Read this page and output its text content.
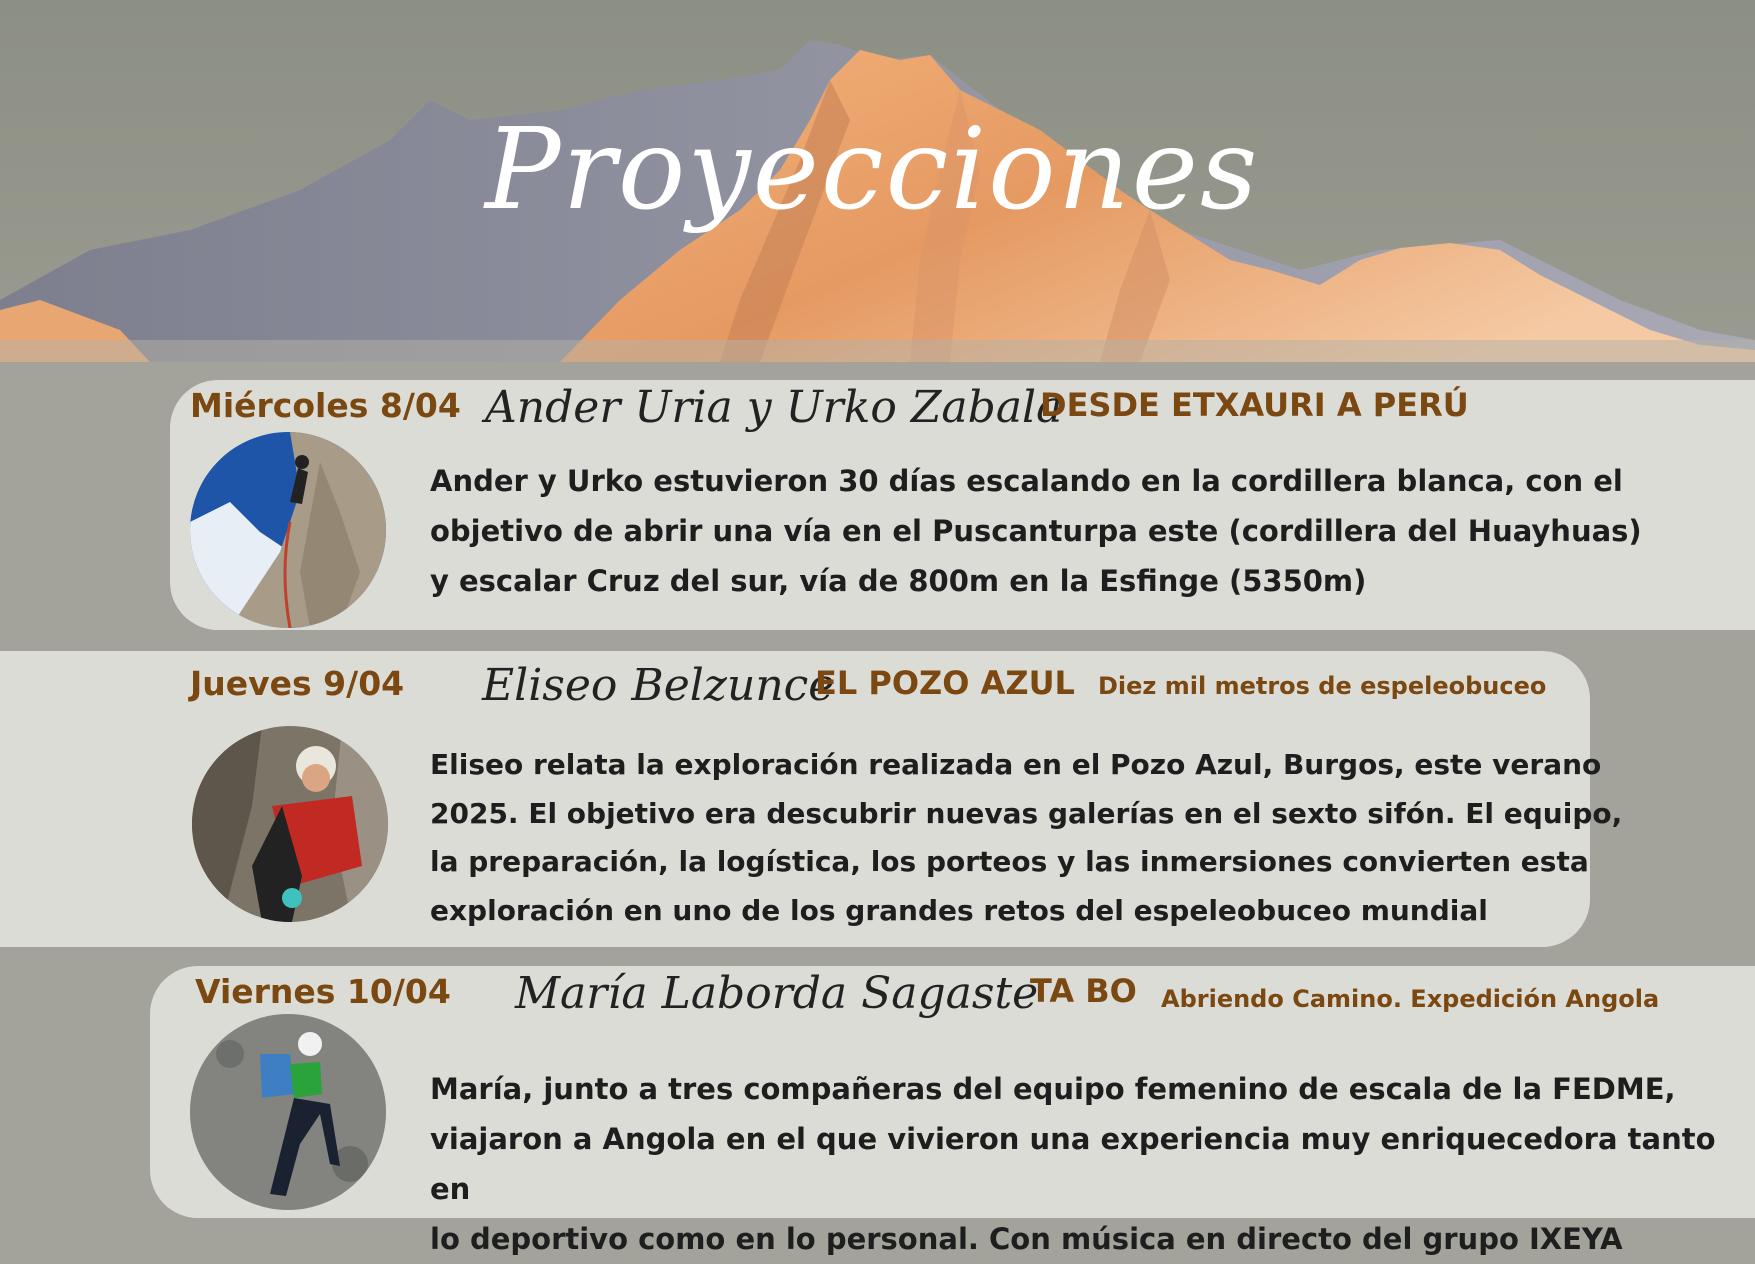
Proyecciones
Miércoles 8/04 Ander Uria y Urko Zabala
DESDE ETXAURI A PERÚ
Ander y Urko estuvieron 30 días escalando en la cordillera blanca, con el
objetivo de abrir una vía en el Puscanturpa este (cordillera del Huayhuas)
y escalar Cruz del sur, vía de 800m en la Esfinge (5350m)
Jueves 9/04 Eliseo Belzunce
EL POZO AZUL Diez mil metros de espeleobuceo
Eliseo relata la exploración realizada en el Pozo Azul, Burgos, este verano
2025. El objetivo era descubrir nuevas galerías en el sexto sifón. El equipo,
la preparación, la logística, los porteos y las inmersiones convierten esta
exploración en uno de los grandes retos del espeleobuceo mundial
Viernes 10/04 María Laborda Sagaste
TA BO Abriendo Camino. Expedición Angola
María, junto a tres compañeras del equipo femenino de escala de la FEDME,
viajaron a Angola en el que vivieron una experiencia muy enriquecedora tanto en
lo deportivo como en lo personal. Con música en directo del grupo IXEYA
